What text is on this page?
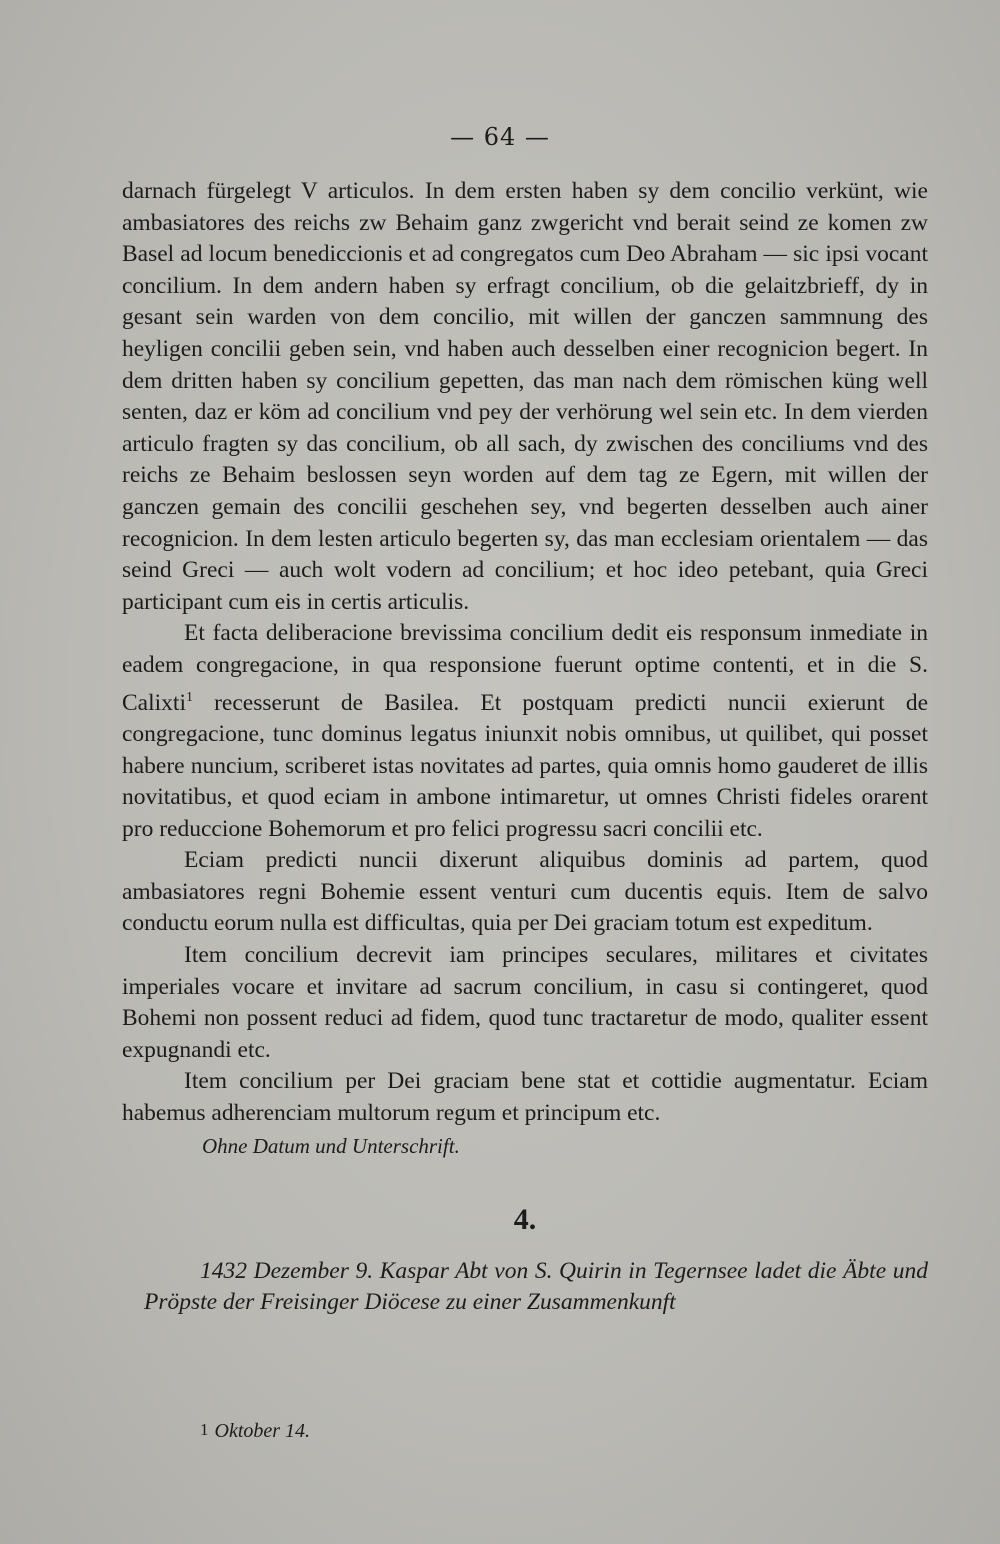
— 64 —

darnach fürgelegt V articulos. In dem ersten haben sy dem concilio verkünt, wie ambasiatores des reichs zw Behaim ganz zwgericht vnd berait seind ze komen zw Basel ad locum benediccionis et ad congregatos cum Deo Abraham — sic ipsi vocant concilium. In dem andern haben sy erfragt concilium, ob die gelaitzbrieff, dy in gesant sein warden von dem concilio, mit willen der ganczen sammnung des heyligen concilii geben sein, vnd haben auch desselben einer recognicion begert. In dem dritten haben sy concilium gepetten, das man nach dem römischen küng well senten, daz er köm ad concilium vnd pey der verhörung wel sein etc. In dem vierden articulo fragten sy das concilium, ob all sach, dy zwischen des conciliums vnd des reichs ze Behaim beslossen seyn worden auf dem tag ze Egern, mit willen der ganczen gemain des concilii geschehen sey, vnd begerten desselben auch ainer recognicion. In dem lesten articulo begerten sy, das man ecclesiam orientalem — das seind Greci — auch wolt vodern ad concilium; et hoc ideo petebant, quia Greci participant cum eis in certis articulis.

Et facta deliberacione brevissima concilium dedit eis responsum inmediate in eadem congregacione, in qua responsione fuerunt optime contenti, et in die S. Calixti$^1$ recesserunt de Basilea. Et postquam predicti nuncii exierunt de congregacione, tunc dominus legatus iniunxit nobis omnibus, ut quilibet, qui posset habere nuncium, scriberet istas novitates ad partes, quia omnis homo gauderet de illis novitatibus, et quod eciam in ambone intimaretur, ut omnes Christi fideles orarent pro reduccione Bohemorum et pro felici progressu sacri concilii etc.

Eciam predicti nuncii dixerunt aliquibus dominis ad partem, quod ambasiatores regni Bohemie essent venturi cum ducentis equis. Item de salvo conductu eorum nulla est difficultas, quia per Dei graciam totum est expeditum.

Item concilium decrevit iam principes seculares, militares et civitates imperiales vocare et invitare ad sacrum concilium, in casu si contingeret, quod Bohemi non possent reduci ad fidem, quod tunc tractaretur de modo, qualiter essent expugnandi etc.

Item concilium per Dei graciam bene stat et cottidie augmentatur. Eciam habemus adherenciam multorum regum et principum etc.

Ohne Datum und Unterschrift.

4.

1432 Dezember 9. Kaspar Abt von S. Quirin in Tegernsee ladet die Äbte und Pröpste der Freisinger Diöcese zu einer Zusammenkunft

1 Oktober 14.
